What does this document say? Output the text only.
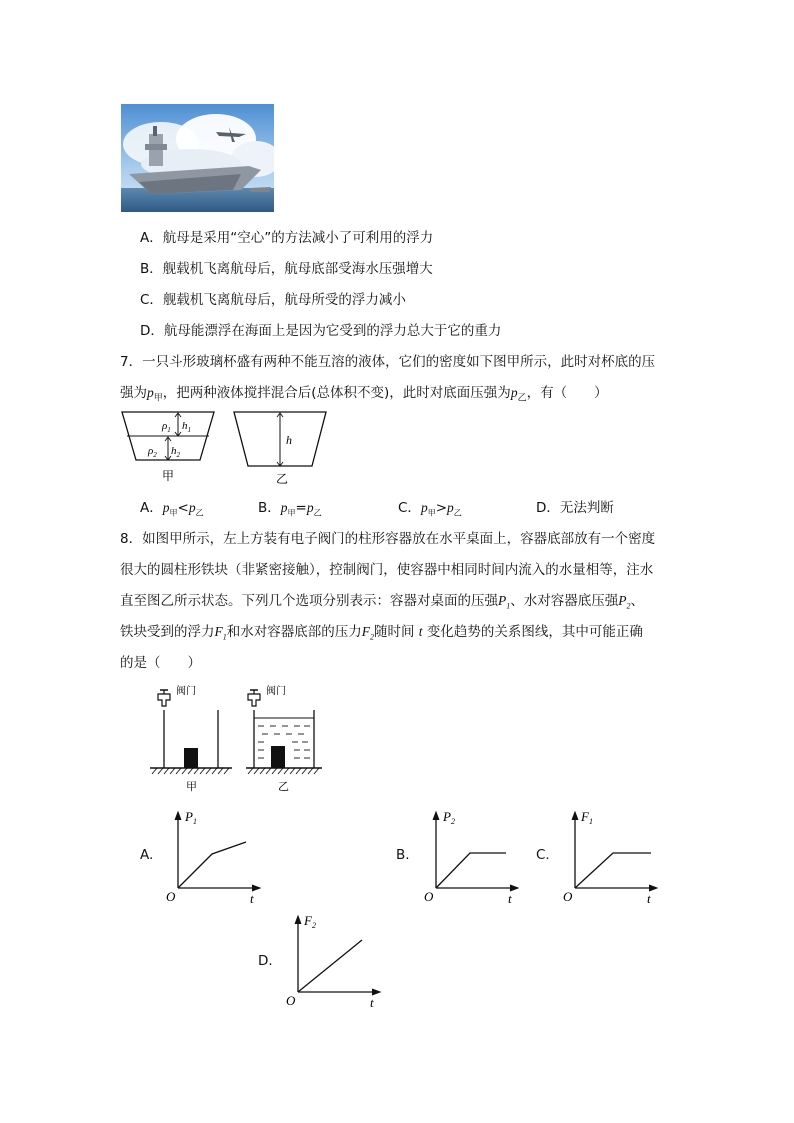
A．航母是采用“空心”的方法减小了可利用的浮力
B．舰载机飞离航母后，航母底部受海水压强增大
C．舰载机飞离航母后，航母所受的浮力减小
D．航母能漂浮在海面上是因为它受到的浮力总大于它的重力
7．一只斗形玻璃杯盛有两种不能互溶的液体，它们的密度如下图甲所示，此时对杯底的压
强为$p_甲$，把两种液体搅拌混合后(总体积不变)，此时对底面压强为$p_乙$，有（　　）
$\rho_1$ $h_1$
$\rho_2$ $h_2$
甲
h
乙
A．$p_甲<p_乙$	B．$p_甲=p_乙$	C．$p_甲>p_乙$	D．无法判断
8．如图甲所示，左上方装有电子阀门的柱形容器放在水平桌面上，容器底部放有一个密度
很大的圆柱形铁块（非紧密接触），控制阀门，使容器中相同时间内流入的水量相等，注水
直至图乙所示状态。下列几个选项分别表示：容器对桌面的压强$P_1$、水对容器底压强$P_2$、
铁块受到的浮力$F_1$和水对容器底部的压力$F_2$随时间 t 变化趋势的关系图线，其中可能正确
的是（　　）
阀门
甲
阀门
乙
A.
$P_1$
O	t
B.
$P_2$
O	t
C.
$F_1$
O	t
D.
$F_2$
O	t
